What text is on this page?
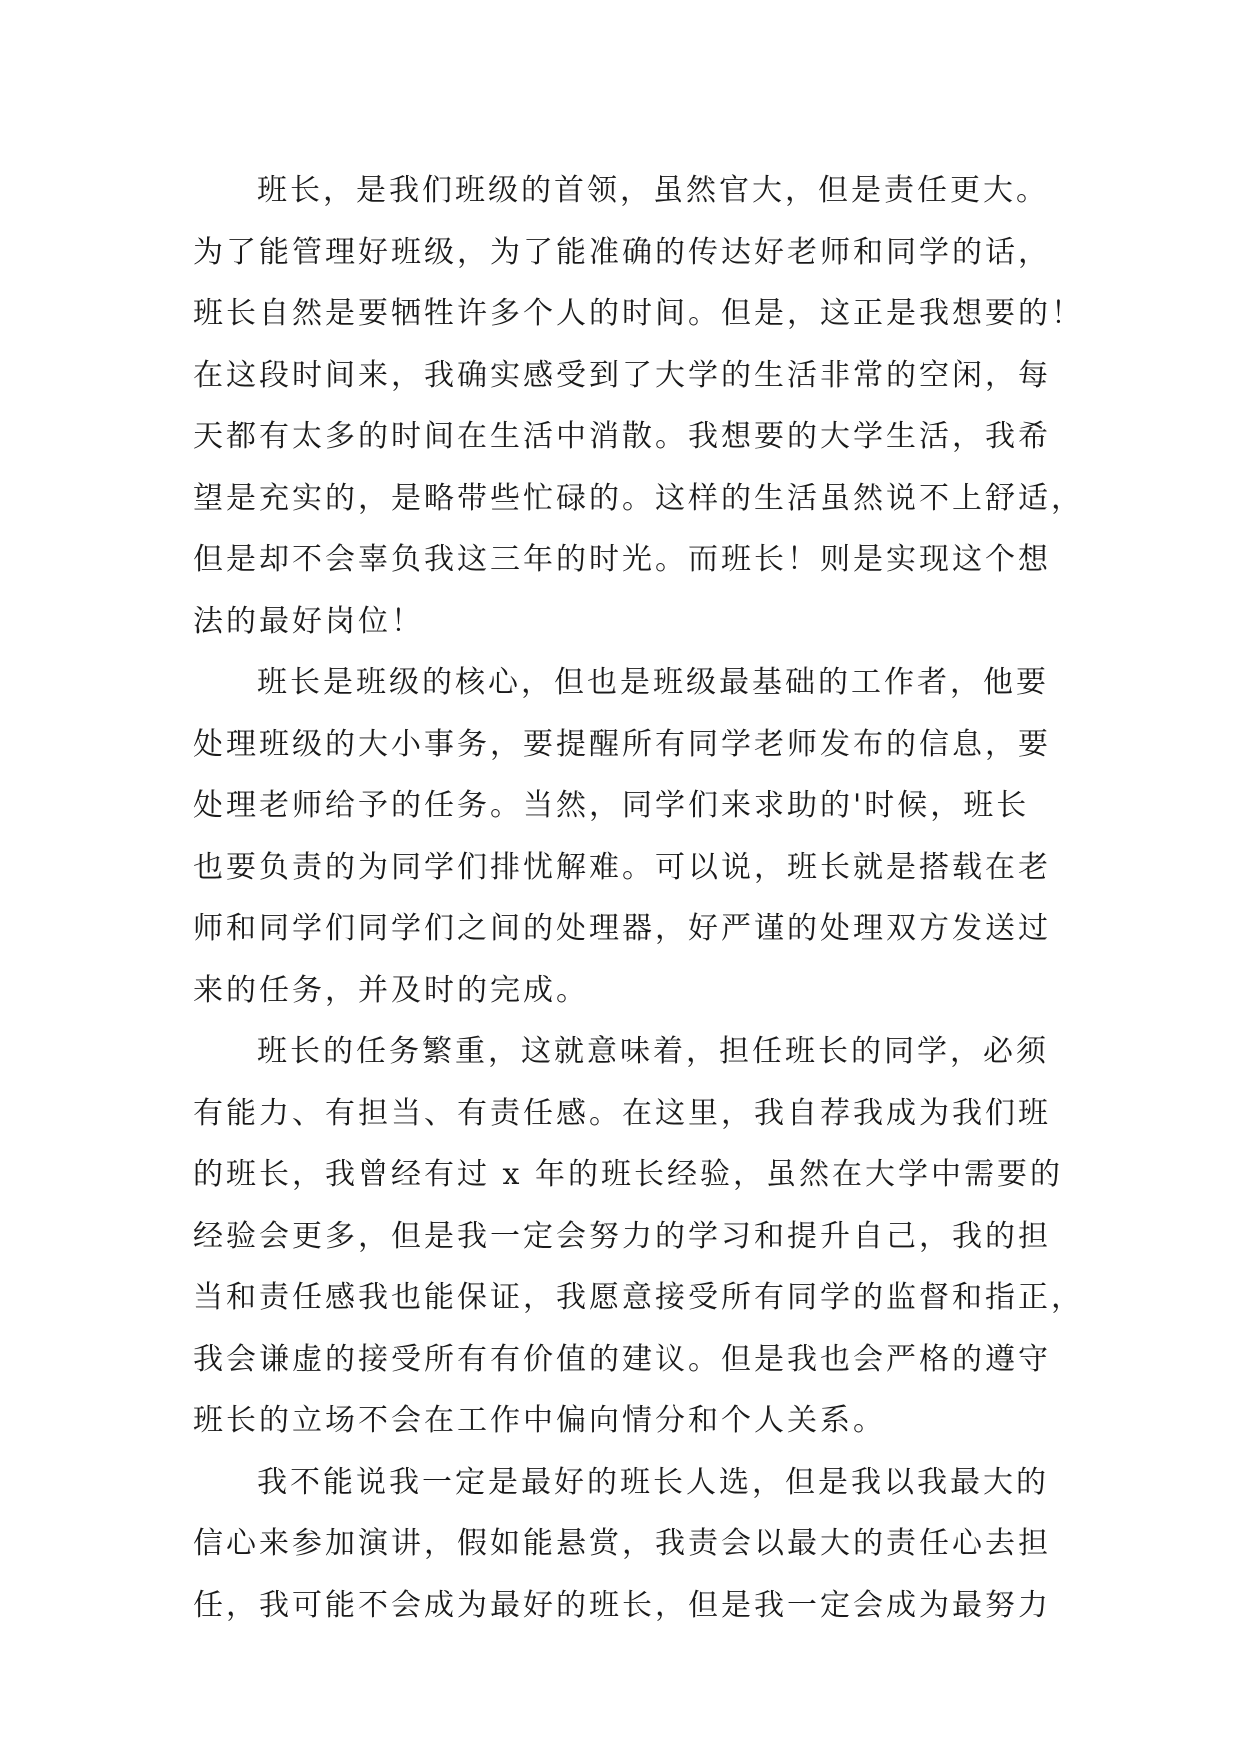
班长，是我们班级的首领，虽然官大，但是责任更大。
为了能管理好班级，为了能准确的传达好老师和同学的话，
班长自然是要牺牲许多个人的时间。但是，这正是我想要的！
在这段时间来，我确实感受到了大学的生活非常的空闲，每
天都有太多的时间在生活中消散。我想要的大学生活，我希
望是充实的，是略带些忙碌的。这样的生活虽然说不上舒适，
但是却不会辜负我这三年的时光。而班长！则是实现这个想
法的最好岗位！
班长是班级的核心，但也是班级最基础的工作者，他要
处理班级的大小事务，要提醒所有同学老师发布的信息，要
处理老师给予的任务。当然，同学们来求助的'时候，班长
也要负责的为同学们排忧解难。可以说，班长就是搭载在老
师和同学们同学们之间的处理器，好严谨的处理双方发送过
来的任务，并及时的完成。
班长的任务繁重，这就意味着，担任班长的同学，必须
有能力、有担当、有责任感。在这里，我自荐我成为我们班
的班长，我曾经有过 x 年的班长经验，虽然在大学中需要的
经验会更多，但是我一定会努力的学习和提升自己，我的担
当和责任感我也能保证，我愿意接受所有同学的监督和指正，
我会谦虚的接受所有有价值的建议。但是我也会严格的遵守
班长的立场不会在工作中偏向情分和个人关系。
我不能说我一定是最好的班长人选，但是我以我最大的
信心来参加演讲，假如能悬赏，我责会以最大的责任心去担
任，我可能不会成为最好的班长，但是我一定会成为最努力
